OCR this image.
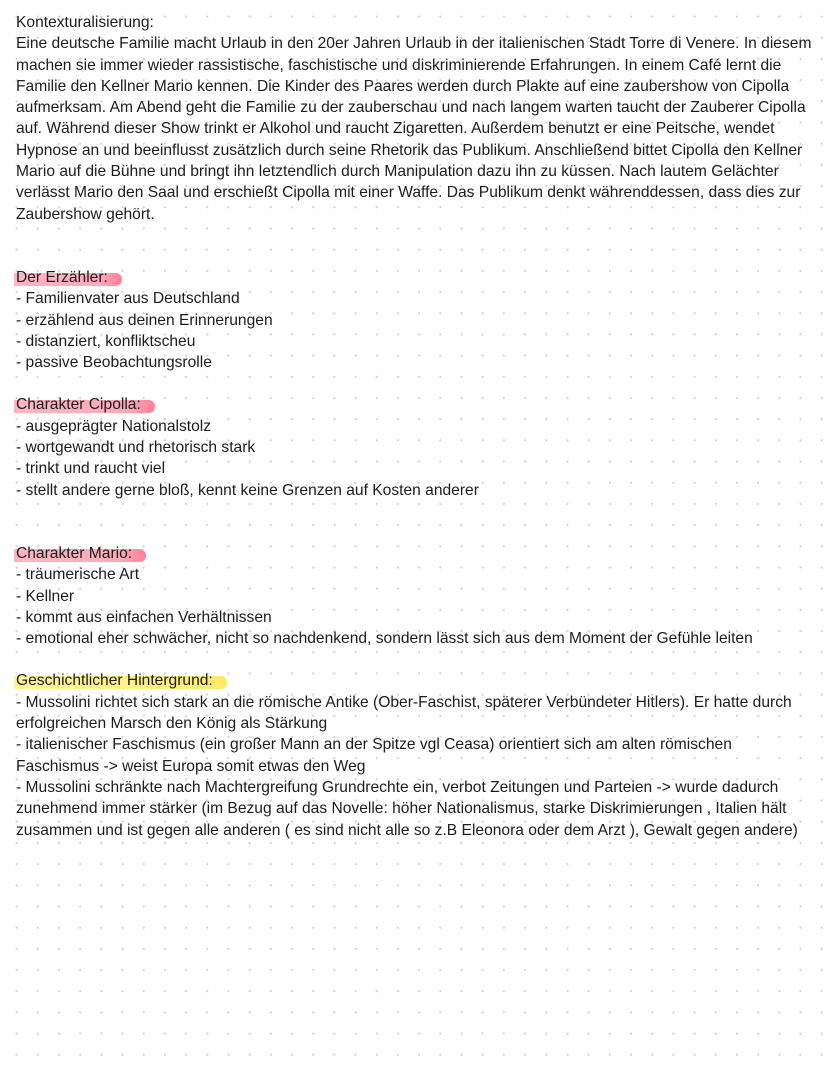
Kontexturalisierung:
Eine deutsche Familie macht Urlaub in den 20er Jahren Urlaub in der italienischen Stadt Torre di Venere. In diesem machen sie immer wieder rassistische, faschistische und diskriminierende Erfahrungen. In einem Café lernt die Familie den Kellner Mario kennen. Die Kinder des Paares werden durch Plakte auf eine zaubershow von Cipolla aufmerksam. Am Abend geht die Familie zu der zauberschau und nach langem warten taucht der Zauberer Cipolla auf. Während dieser Show trinkt er Alkohol und raucht Zigaretten. Außerdem benutzt er eine Peitsche, wendet Hypnose an und beeinflusst zusätzlich durch seine Rhetorik das Publikum. Anschließend bittet Cipolla den Kellner Mario auf die Bühne und bringt ihn letztendlich durch Manipulation dazu ihn zu küssen. Nach lautem Gelächter verlässt Mario den Saal und erschießt Cipolla mit einer Waffe. Das Publikum denkt währenddessen, dass dies zur Zaubershow gehört.
Der Erzähler:
- Familienvater aus Deutschland
- erzählend aus deinen Erinnerungen
- distanziert, konfliktscheu
- passive Beobachtungsrolle
Charakter Cipolla:
- ausgeprägter Nationalstolz
- wortgewandt und rhetorisch stark
- trinkt und raucht viel
- stellt andere gerne bloß, kennt keine Grenzen auf Kosten anderer
Charakter Mario:
- träumerische Art
- Kellner
- kommt aus einfachen Verhältnissen
- emotional eher schwächer, nicht so nachdenkend, sondern lässt sich aus dem Moment der Gefühle leiten
Geschichtlicher Hintergrund:
- Mussolini richtet sich stark an die römische Antike (Ober-Faschist, späterer Verbündeter Hitlers). Er hatte durch erfolgreichen Marsch den König als Stärkung
- italienischer Faschismus (ein großer Mann an der Spitze vgl Ceasa) orientiert sich am alten römischen Faschismus -> weist Europa somit etwas den Weg
- Mussolini schränkte nach Machtergreifung Grundrechte ein, verbot Zeitungen und Parteien -> wurde dadurch zunehmend immer stärker (im Bezug auf das Novelle: höher Nationalismus, starke Diskrimierungen , Italien hält zusammen und ist gegen alle anderen ( es sind nicht alle so z.B Eleonora oder dem Arzt ), Gewalt gegen andere)
